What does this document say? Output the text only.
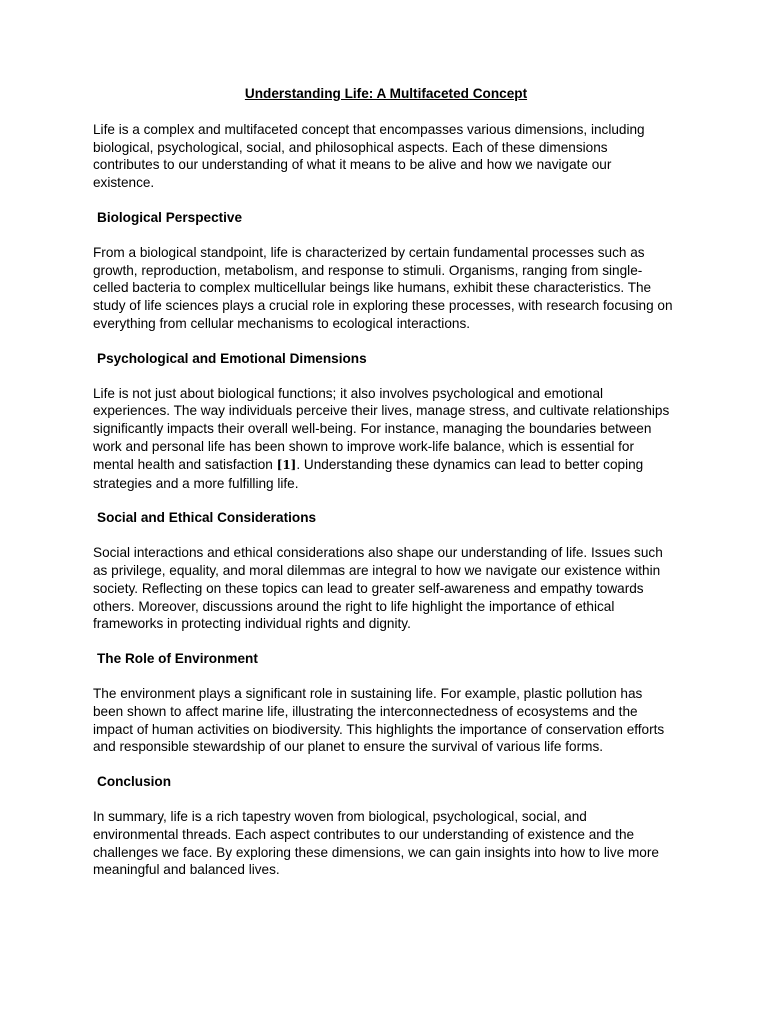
Understanding Life: A Multifaceted Concept
Life is a complex and multifaceted concept that encompasses various dimensions, including biological, psychological, social, and philosophical aspects. Each of these dimensions contributes to our understanding of what it means to be alive and how we navigate our existence.
Biological Perspective
From a biological standpoint, life is characterized by certain fundamental processes such as growth, reproduction, metabolism, and response to stimuli. Organisms, ranging from single-celled bacteria to complex multicellular beings like humans, exhibit these characteristics. The study of life sciences plays a crucial role in exploring these processes, with research focusing on everything from cellular mechanisms to ecological interactions.
Psychological and Emotional Dimensions
Life is not just about biological functions; it also involves psychological and emotional experiences. The way individuals perceive their lives, manage stress, and cultivate relationships significantly impacts their overall well-being. For instance, managing the boundaries between work and personal life has been shown to improve work-life balance, which is essential for mental health and satisfaction [1]. Understanding these dynamics can lead to better coping strategies and a more fulfilling life.
Social and Ethical Considerations
Social interactions and ethical considerations also shape our understanding of life. Issues such as privilege, equality, and moral dilemmas are integral to how we navigate our existence within society. Reflecting on these topics can lead to greater self-awareness and empathy towards others. Moreover, discussions around the right to life highlight the importance of ethical frameworks in protecting individual rights and dignity.
The Role of Environment
The environment plays a significant role in sustaining life. For example, plastic pollution has been shown to affect marine life, illustrating the interconnectedness of ecosystems and the impact of human activities on biodiversity. This highlights the importance of conservation efforts and responsible stewardship of our planet to ensure the survival of various life forms.
Conclusion
In summary, life is a rich tapestry woven from biological, psychological, social, and environmental threads. Each aspect contributes to our understanding of existence and the challenges we face. By exploring these dimensions, we can gain insights into how to live more meaningful and balanced lives.
